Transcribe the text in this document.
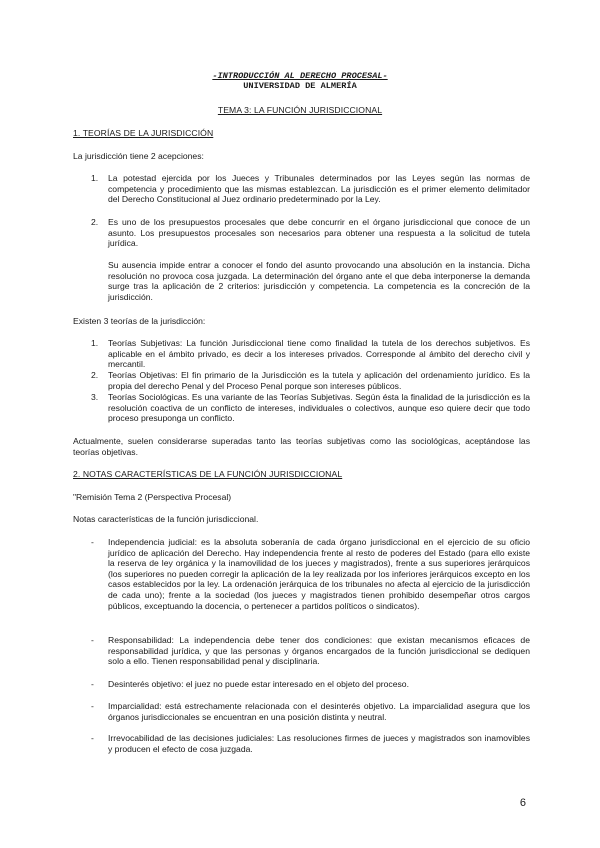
-INTRODUCCIÓN AL DERECHO PROCESAL-
UNIVERSIDAD DE ALMERÍA
TEMA 3: LA FUNCIÓN JURISDICCIONAL
1. TEORÍAS DE LA JURISDICCIÓN
La jurisdicción tiene 2 acepciones:
1.	La potestad ejercida por los Jueces y Tribunales determinados por las Leyes según las normas de competencia y procedimiento que las mismas establezcan. La jurisdicción es el primer elemento delimitador del Derecho Constitucional al Juez ordinario predeterminado por la Ley.
2.	Es uno de los presupuestos procesales que debe concurrir en el órgano jurisdiccional que conoce de un asunto. Los presupuestos procesales son necesarios para obtener una respuesta a la solicitud de tutela jurídica.
Su ausencia impide entrar a conocer el fondo del asunto provocando una absolución en la instancia. Dicha resolución no provoca cosa juzgada. La determinación del órgano ante el que deba interponerse la demanda surge tras la aplicación de 2 criterios: jurisdicción y competencia. La competencia es la concreción de la jurisdicción.
Existen 3 teorías de la jurisdicción:
1.	Teorías Subjetivas: La función Jurisdiccional tiene como finalidad la tutela de los derechos subjetivos. Es aplicable en el ámbito privado, es decir a los intereses privados. Corresponde al ámbito del derecho civil y mercantil.
2.	Teorías Objetivas: El fin primario de la Jurisdicción es la tutela y aplicación del ordenamiento jurídico. Es la propia del derecho Penal y del Proceso Penal porque son intereses públicos.
3.	Teorías Sociológicas. Es una variante de las Teorías Subjetivas. Según ésta la finalidad de la jurisdicción es la resolución coactiva de un conflicto de intereses, individuales o colectivos, aunque eso quiere decir que todo proceso presuponga un conflicto.
Actualmente, suelen considerarse superadas tanto las teorías subjetivas como las sociológicas, aceptándose las teorías objetivas.
2. NOTAS CARACTERÍSTICAS DE LA FUNCIÓN JURISDICCIONAL
"Remisión Tema 2 (Perspectiva Procesal)
Notas características de la función jurisdiccional.
-	Independencia judicial: es la absoluta soberanía de cada órgano jurisdiccional en el ejercicio de su oficio jurídico de aplicación del Derecho. Hay independencia frente al resto de poderes del Estado (para ello existe la reserva de ley orgánica y la inamovilidad de los jueces y magistrados), frente a sus superiores jerárquicos (los superiores no pueden corregir la aplicación de la ley realizada por los inferiores jerárquicos excepto en los casos establecidos por la ley. La ordenación jerárquica de los tribunales no afecta al ejercicio de la jurisdicción de cada uno); frente a la sociedad (los jueces y magistrados tienen prohibido desempeñar otros cargos públicos, exceptuando la docencia, o pertenecer a partidos políticos o sindicatos).
-	Responsabilidad: La independencia debe tener dos condiciones: que existan mecanismos eficaces de responsabilidad jurídica, y que las personas y órganos encargados de la función jurisdiccional se dediquen solo a ello. Tienen responsabilidad penal y disciplinaria.
-	Desinterés objetivo: el juez no puede estar interesado en el objeto del proceso.
-	Imparcialidad: está estrechamente relacionada con el desinterés objetivo. La imparcialidad asegura que los órganos jurisdiccionales se encuentran en una posición distinta y neutral.
-	Irrevocabilidad de las decisiones judiciales: Las resoluciones firmes de jueces y magistrados son inamovibles y producen el efecto de cosa juzgada.
6
